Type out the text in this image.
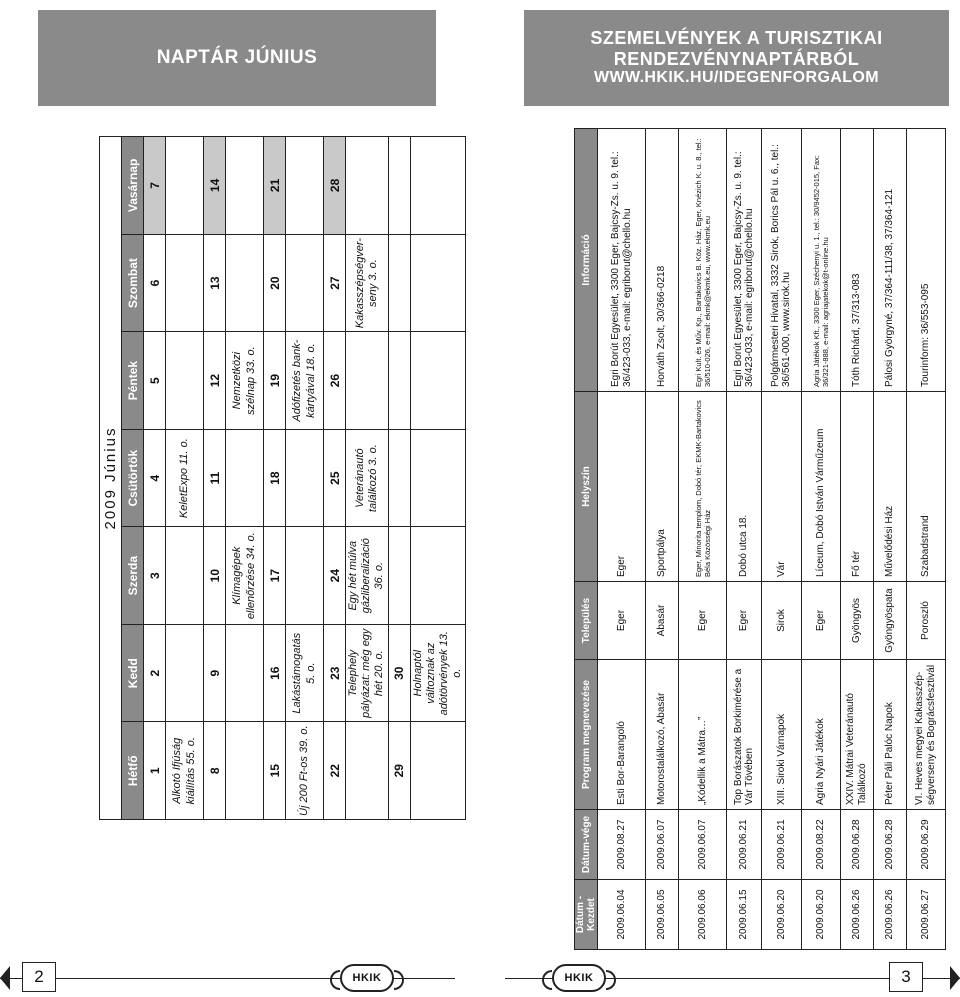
NAPTÁR JÚNIUS
SZEMELVÉNYEK A TURISZTIKAI
RENDEZVÉNYNAPTÁRBÓL
WWW.HKIK.HU/IDEGENFORGALOM
2009 Június						
Hétfő	Kedd	Szerda	Csütörtök	Péntek	Szombat	Vasárnap
1	2	3	4	5	6	7
Alkotó Ifjúság kiállítás 55. o.			KeletExpo 11. o.			
8	9	10	11	12	13	14
		Klímagépek ellenőrzése 34. o.		Nemzetközi szélnap 33. o.		
15	16	17	18	19	20	21
Új 200 Ft-os 39. o.	Lakástámogatás 5. o.			Adófizetés bank-kártyával 18. o.		
22	23	24	25	26	27	28
	Telephely pályázat: még egy hét 20. o.	Egy hét múlva gázliberalizáció 36. o.	Veteránautó találkozó 3. o.		Kakasszépségver-seny 3. o.	
29	30					
	Holnaptól változnak az adótörvények 13. o.					
Dátum - Kezdet	Dátum-vége	Program megnevezése	Település	Helyszín	Információ
2009.06.04	2009.08.27	Esti Bor-Barangoló	Eger	Eger	Egri Borút Egyesület, 3300 Eger, Bajcsy-Zs. u. 9. tel.: 36/423-033, e-mail: egriborut@chello.hu
2009.06.05	2009.06.07	Motorostalálkozó, Abasár	Abasár	Sportpálya	Horváth Zsolt, 30/366-0218
2009.06.06	2009.06.07	„Kódellik a Mátra…”	Eger	Eger, Minorita templom, Dobó tér; EKMK-Bartakovics Béla Közösségi Ház	Egri Kult. és Műv. Kp., Bartakovics B. Köz. Ház, Eger, Knézich K. u. 8., tel.: 36/510-026, e-mail: ekmk@ekmk.eu, www.ekmk.eu
2009.06.15	2009.06.21	Top Borászatok Borkimérése a Vár Tövében	Eger	Dobó utca 18.	Egri Borút Egyesület, 3300 Eger, Bajcsy-Zs. u. 9. tel.: 36/423-033, e-mail: egriborut@chello.hu
2009.06.20	2009.06.21	XIII. Siroki Várnapok	Sirok	Vár	Polgármesteri Hivatal, 3332 Sirok, Borics Pál u. 6., tel.: 36/561-000, www.sirok.hu
2009.06.20	2009.08.22	Agria Nyári Játékok	Eger	Líceum, Dobó István Várműzeum	Agria Játékok Kft., 3300 Eger, Széchenyi u. 1., tel.: 30/9452-015, Fax: 36/321-888, e-mail: agriajatekok@t-online.hu
2009.06.26	2009.06.28	XXIV. Mátrai Veteránautó Találkozó	Gyöngyös	Fő tér	Tóth Richárd, 37/313-083
2009.06.26	2009.06.28	Péter Páli Palóc Napok	Gyöngyöspata	Művelődési Ház	Pálosi Györgyné, 37/364-111/38, 37/364-121
2009.06.27	2009.06.29	VI. Heves megyei Kakasszép-ségverseny és Bográcsfesztivál	Poroszló	Szabadstrand	Tourinform: 36/553-095
2	HKIK	HKIK	3
